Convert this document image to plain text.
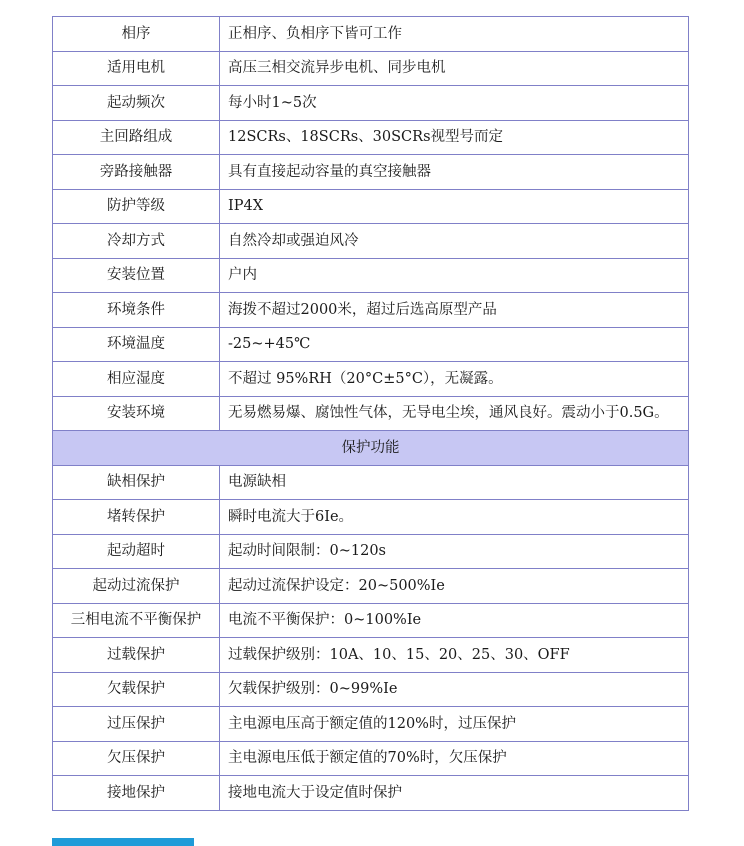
相序	正相序、负相序下皆可工作
适用电机	高压三相交流异步电机、同步电机
起动频次	每小时1~5次
主回路组成	12SCRs、18SCRs、30SCRs视型号而定
旁路接触器	具有直接起动容量的真空接触器
防护等级	IP4X
冷却方式	自然冷却或强迫风冷
安装位置	户内
环境条件	海拨不超过2000米，超过后选高原型产品
环境温度	-25~+45℃
相应湿度	不超过 95%RH（20°C±5°C），无凝露。
安装环境	无易燃易爆、腐蚀性气体，无导电尘埃，通风良好。震动小于0.5G。
保护功能	
缺相保护	电源缺相
堵转保护	瞬时电流大于6Ie。
起动超时	起动时间限制：0~120s
起动过流保护	起动过流保护设定：20~500%Ie
三相电流不平衡保护	电流不平衡保护：0~100%Ie
过载保护	过载保护级别：10A、10、15、20、25、30、OFF
欠载保护	欠载保护级别：0~99%Ie
过压保护	主电源电压高于额定值的120%时，过压保护
欠压保护	主电源电压低于额定值的70%时，欠压保护
接地保护	接地电流大于设定值时保护
